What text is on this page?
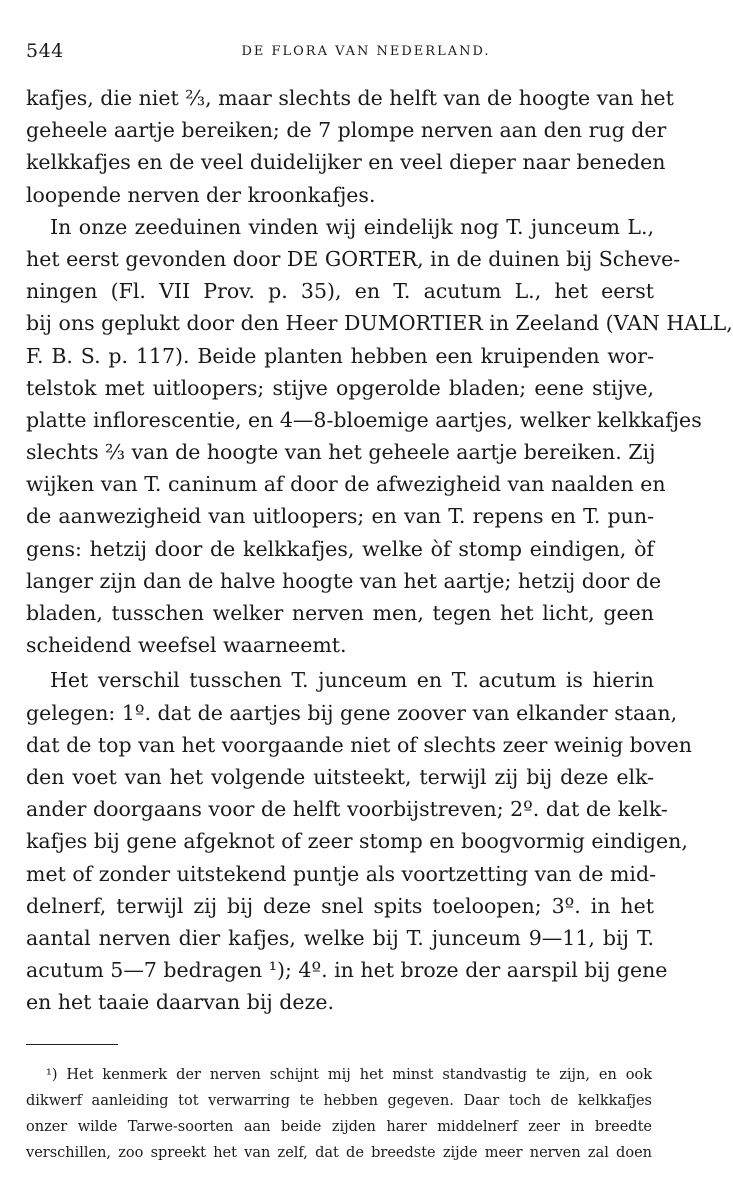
544	DE FLORA VAN NEDERLAND.
kafjes, die niet ⅔, maar slechts de helft van de hoogte van het
geheele aartje bereiken; de 7 plompe nerven aan den rug der
kelkkafjes en de veel duidelijker en veel dieper naar beneden
loopende nerven der kroonkafjes.
In onze zeeduinen vinden wij eindelijk nog T. junceum L.,
het eerst gevonden door DE GORTER, in de duinen bij Scheve-
ningen (Fl. VII Prov. p. 35), en T. acutum L., het eerst
bij ons geplukt door den Heer DUMORTIER in Zeeland (VAN HALL,
F. B. S. p. 117). Beide planten hebben een kruipenden wor-
telstok met uitloopers; stijve opgerolde bladen; eene stijve,
platte inflorescentie, en 4—8-bloemige aartjes, welker kelkkafjes
slechts ⅔ van de hoogte van het geheele aartje bereiken. Zij
wijken van T. caninum af door de afwezigheid van naalden en
de aanwezigheid van uitloopers; en van T. repens en T. pun-
gens: hetzij door de kelkkafjes, welke òf stomp eindigen, òf
langer zijn dan de halve hoogte van het aartje; hetzij door de
bladen, tusschen welker nerven men, tegen het licht, geen
scheidend weefsel waarneemt.
Het verschil tusschen T. junceum en T. acutum is hierin
gelegen: 1º. dat de aartjes bij gene zoover van elkander staan,
dat de top van het voorgaande niet of slechts zeer weinig boven
den voet van het volgende uitsteekt, terwijl zij bij deze elk-
ander doorgaans voor de helft voorbijstreven; 2º. dat de kelk-
kafjes bij gene afgeknot of zeer stomp en boogvormig eindigen,
met of zonder uitstekend puntje als voortzetting van de mid-
delnerf, terwijl zij bij deze snel spits toeloopen; 3º. in het
aantal nerven dier kafjes, welke bij T. junceum 9—11, bij T.
acutum 5—7 bedragen ¹); 4º. in het broze der aarspil bij gene
en het taaie daarvan bij deze.
¹) Het kenmerk der nerven schijnt mij het minst standvastig te zijn, en ook
dikwerf aanleiding tot verwarring te hebben gegeven. Daar toch de kelkkafjes
onzer wilde Tarwe-soorten aan beide zijden harer middelnerf zeer in breedte
verschillen, zoo spreekt het van zelf, dat de breedste zijde meer nerven zal doen
